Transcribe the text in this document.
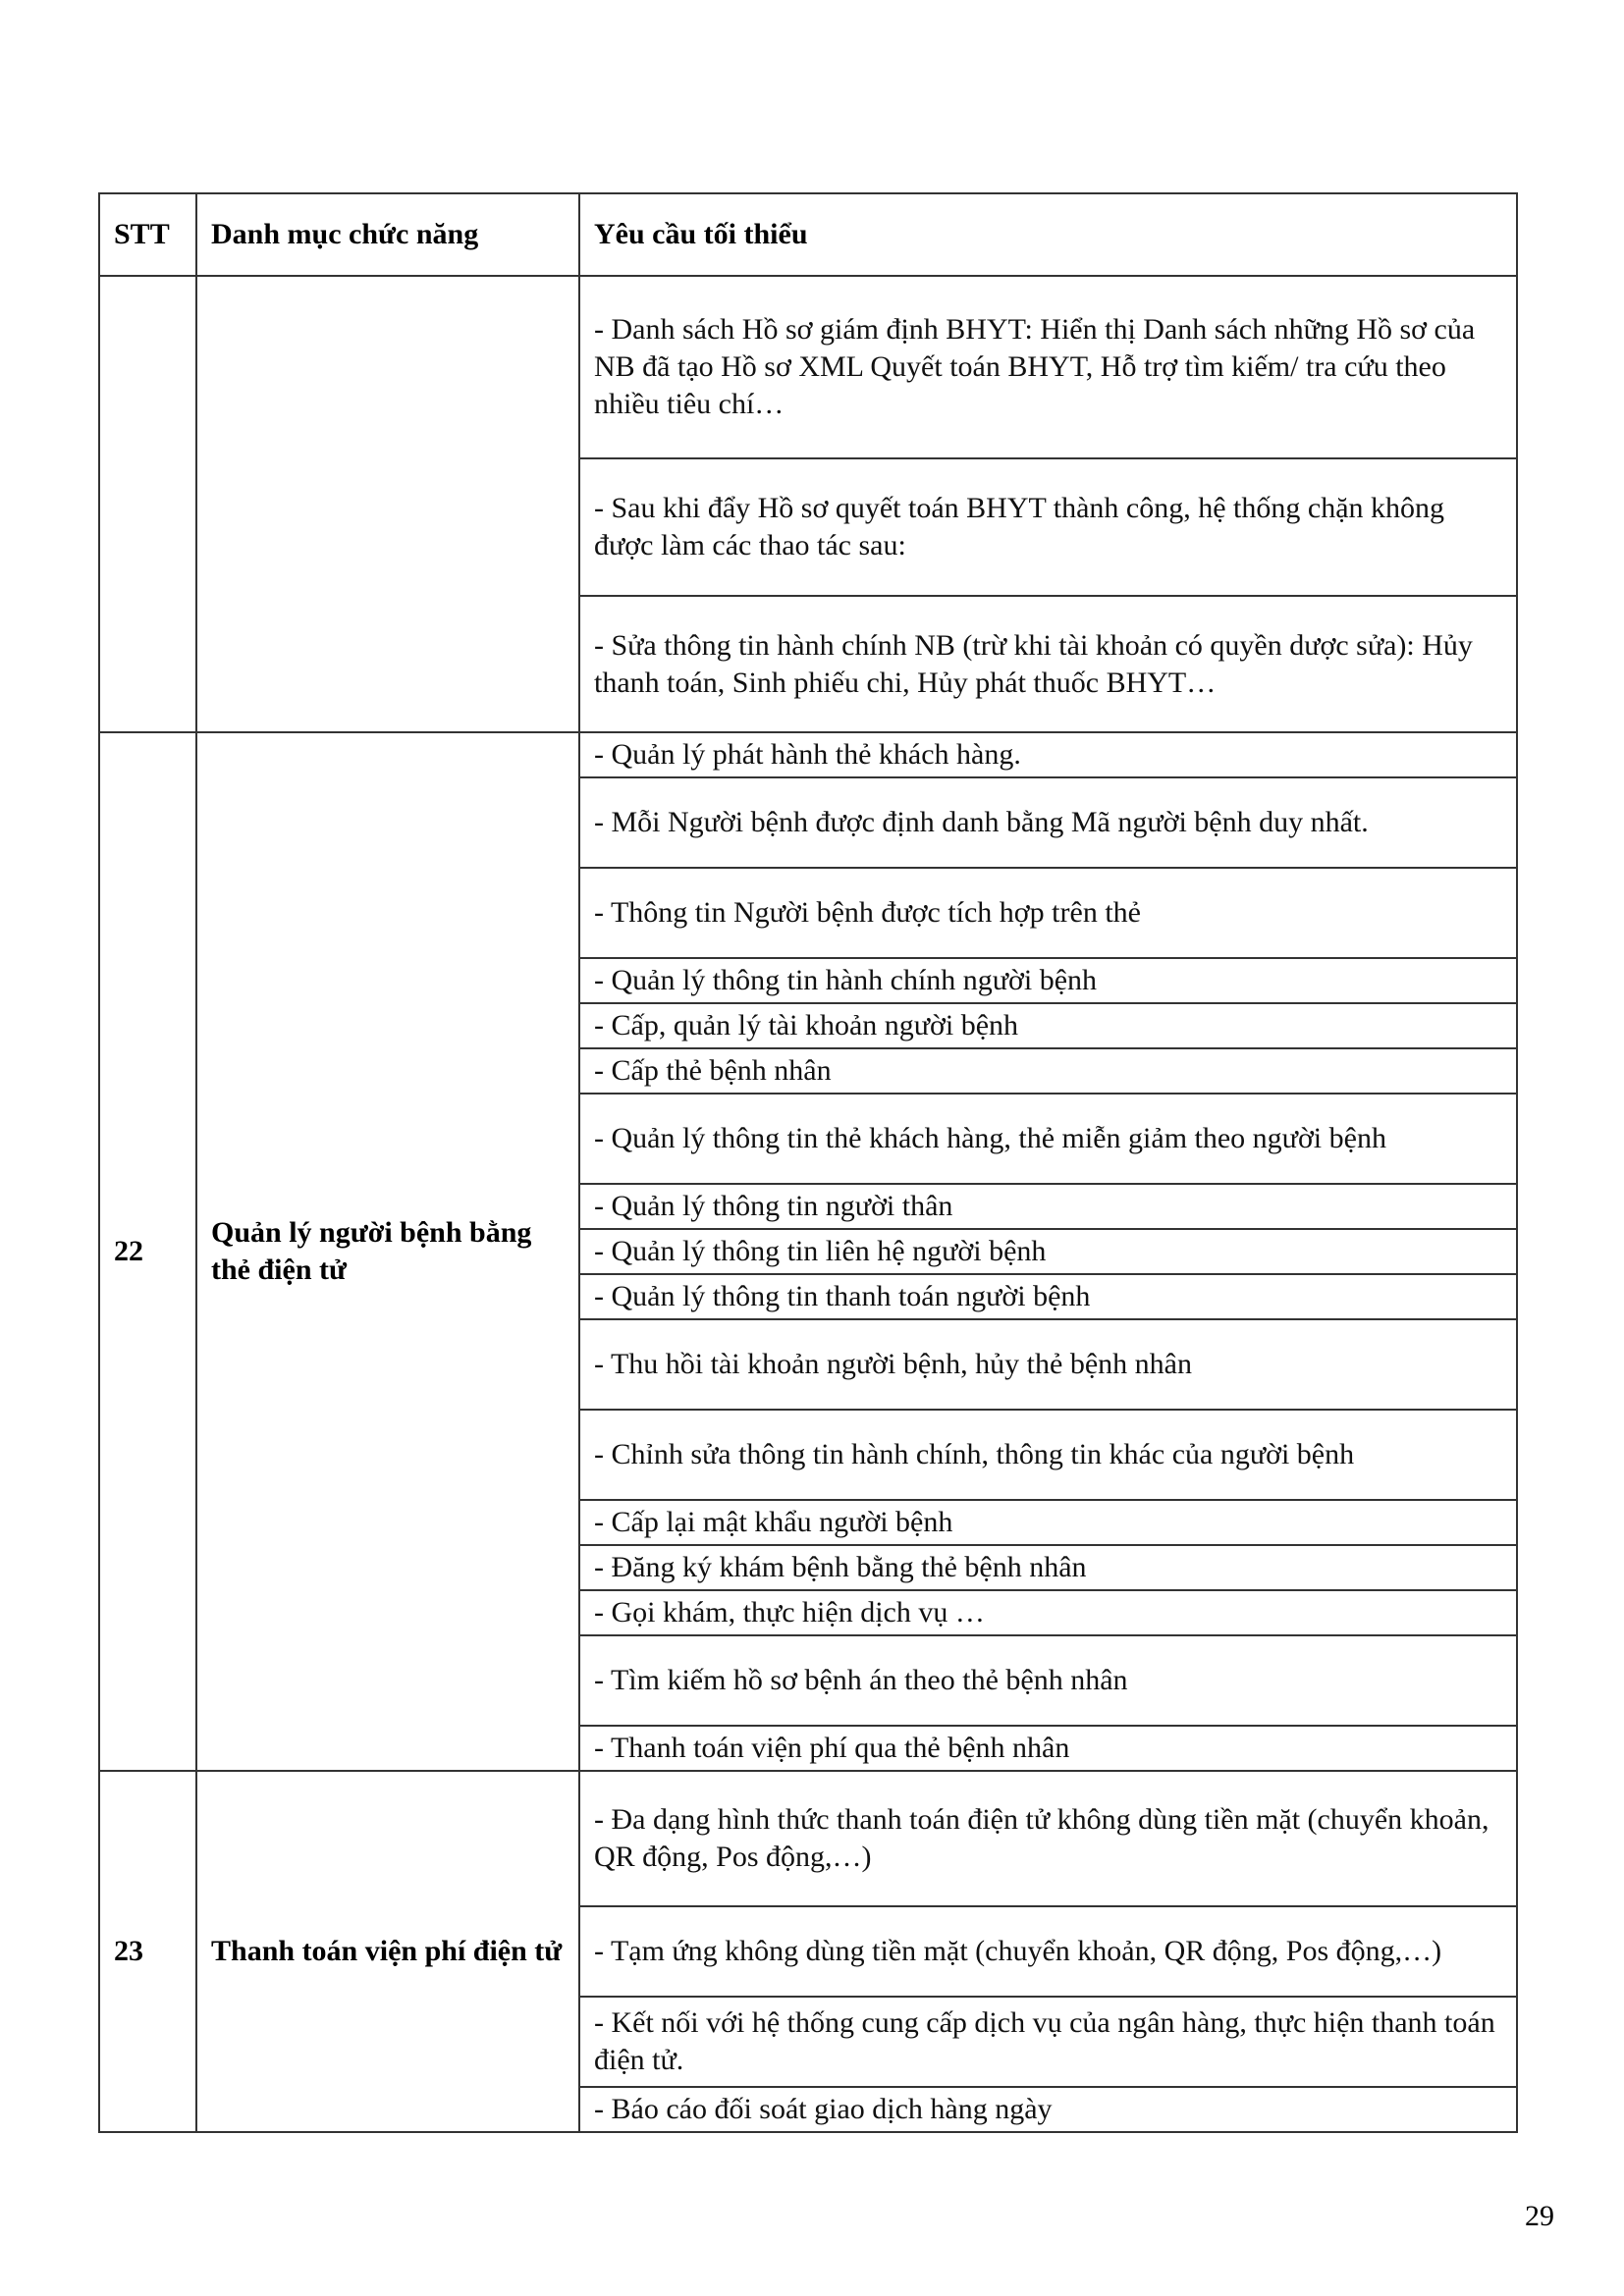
STT	Danh mục chức năng	Yêu cầu tối thiểu
		- Danh sách Hồ sơ giám định BHYT: Hiển thị Danh sách những Hồ sơ của NB đã tạo Hồ sơ XML Quyết toán BHYT, Hỗ trợ tìm kiếm/ tra cứu theo nhiều tiêu chí…
		- Sau khi đẩy Hồ sơ quyết toán BHYT thành công, hệ thống chặn không được làm các thao tác sau:
		- Sửa thông tin hành chính NB (trừ khi tài khoản có quyền dược sửa): Hủy thanh toán, Sinh phiếu chi, Hủy phát thuốc BHYT…
22	Quản lý người bệnh bằng thẻ điện tử	- Quản lý phát hành thẻ khách hàng.
		- Mỗi Người bệnh được định danh bằng Mã người bệnh duy nhất.
		- Thông tin Người bệnh được tích hợp trên thẻ
		- Quản lý thông tin hành chính người bệnh
		- Cấp, quản lý tài khoản người bệnh
		- Cấp thẻ bệnh nhân
		- Quản lý thông tin thẻ khách hàng, thẻ miễn giảm theo người bệnh
		- Quản lý thông tin người thân
		- Quản lý thông tin liên hệ người bệnh
		- Quản lý thông tin thanh toán người bệnh
		- Thu hồi tài khoản người bệnh, hủy thẻ bệnh nhân
		- Chỉnh sửa thông tin hành chính, thông tin khác của người bệnh
		- Cấp lại mật khẩu người bệnh
		- Đăng ký khám bệnh bằng thẻ bệnh nhân
		- Gọi khám, thực hiện dịch vụ …
		- Tìm kiếm hồ sơ bệnh án theo thẻ bệnh nhân
		- Thanh toán viện phí qua thẻ bệnh nhân
23	Thanh toán viện phí điện tử	- Đa dạng hình thức thanh toán điện tử không dùng tiền mặt (chuyển khoản, QR động, Pos động,…)
		- Tạm ứng không dùng tiền mặt (chuyển khoản, QR động, Pos động,…)
		- Kết nối với hệ thống cung cấp dịch vụ của ngân hàng, thực hiện thanh toán điện tử.
		- Báo cáo đối soát giao dịch hàng ngày
29
